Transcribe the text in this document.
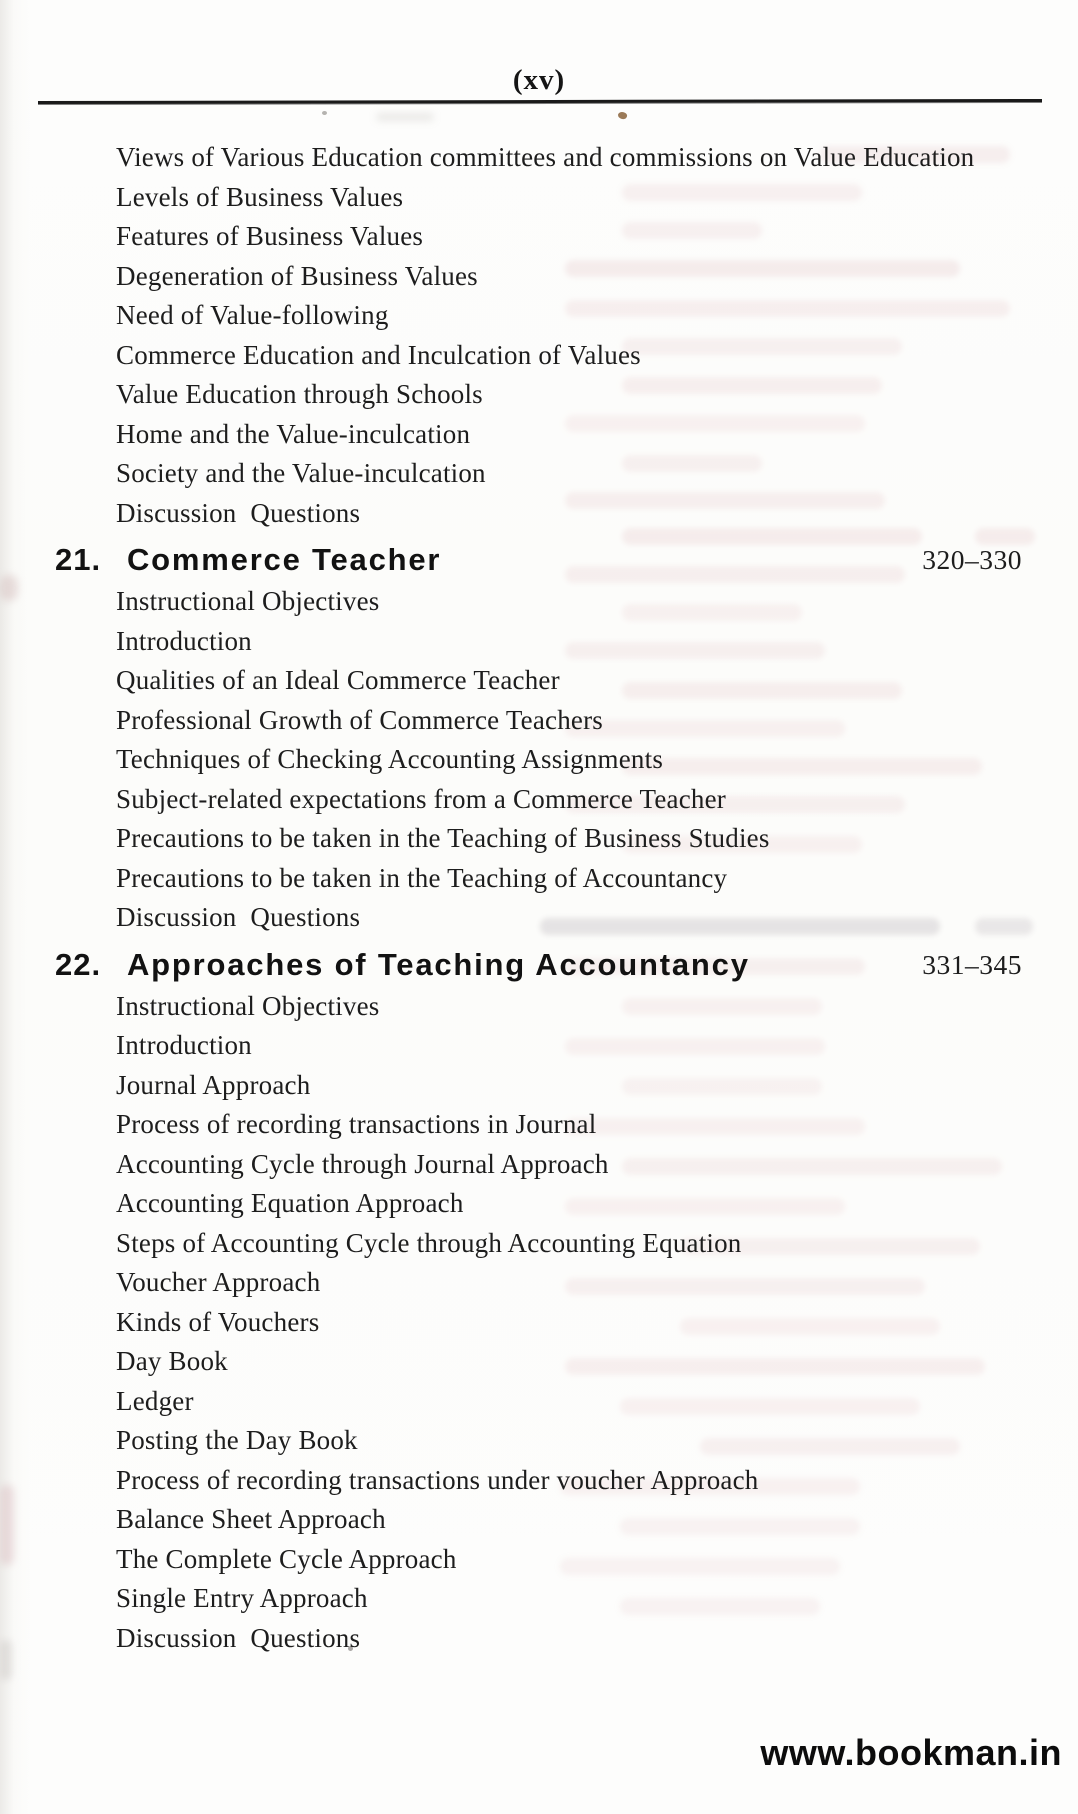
(xv)
Views of Various Education committees and commissions on Value Education
Levels of Business Values
Features of Business Values
Degeneration of Business Values
Need of Value-following
Commerce Education and Inculcation of Values
Value Education through Schools
Home and the Value-inculcation
Society and the Value-inculcation
Discussion  Questions
21.	320–330
Commerce Teacher
Instructional Objectives
Introduction
Qualities of an Ideal Commerce Teacher
Professional Growth of Commerce Teachers
Techniques of Checking Accounting Assignments
Subject-related expectations from a Commerce Teacher
Precautions to be taken in the Teaching of Business Studies
Precautions to be taken in the Teaching of Accountancy
Discussion  Questions
22.	331–345
Approaches of Teaching Accountancy
Instructional Objectives
Introduction
Journal Approach
Process of recording transactions in Journal
Accounting Cycle through Journal Approach
Accounting Equation Approach
Steps of Accounting Cycle through Accounting Equation
Voucher Approach
Kinds of Vouchers
Day Book
Ledger
Posting the Day Book
Process of recording transactions under voucher Approach
Balance Sheet Approach
The Complete Cycle Approach
Single Entry Approach
Discussion  Questions
www.bookman.in
